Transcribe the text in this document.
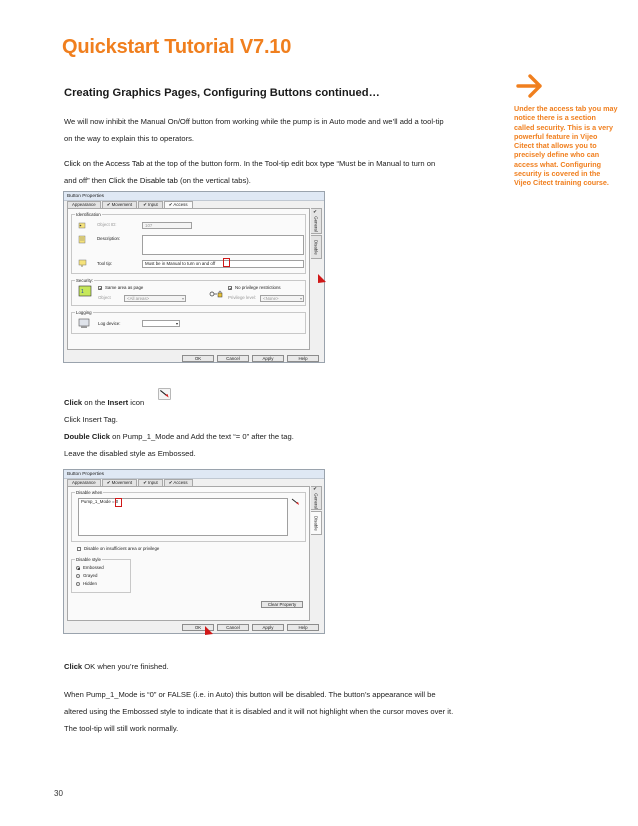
Quickstart Tutorial V7.10
Creating Graphics Pages, Configuring Buttons continued…
We will now inhibit the Manual On/Off button from working while the pump is in Auto mode and we’ll add a tool-tip
on the way to explain this to operators.
Click on the Access Tab at the top of the button form. In the Tool-tip edit box type “Must be in Manual to turn on
and off” then Click the Disable tab (on the vertical tabs).
Under the access tab you may notice there is a section called security. This is a very powerful feature in Vijeo Citect that allows you to precisely define who can access what. Configuring security is covered in the Vijeo Citect training course.
Button Properties
Appearance	✔ Movement	✔ Input	✔ Access
Identification
Object ID:	107
Description:
Tool tip:	Must be in Manual to turn on and off
Security:
1
✔ Same area as page
Object	<All areas>	▾
✔ No privilege restrictions
Privilege level:	<None>	▾
Logging
Log device:	▾
✔ General
Disable
OK	Cancel	Apply	Help
Click on the Insert icon
Click Insert Tag.
Double Click on Pump_1_Mode and Add the text “= 0” after the tag.
Leave the disabled style as Embossed.
Button Properties
Appearance	✔ Movement	✔ Input	✔ Access
Disable when
Pump_1_Mode = 0
Disable on insufficient area or privilege
Disable style
Embossed
Grayed
Hidden
Clear Property
✔ General
Disable
OK	Cancel	Apply	Help
Click OK when you’re finished.
When Pump_1_Mode is “0” or FALSE (i.e. in Auto) this button will be disabled. The button’s appearance will be
altered using the Embossed style to indicate that it is disabled and it will not highlight when the cursor moves over it.
The tool-tip will still work normally.
30
